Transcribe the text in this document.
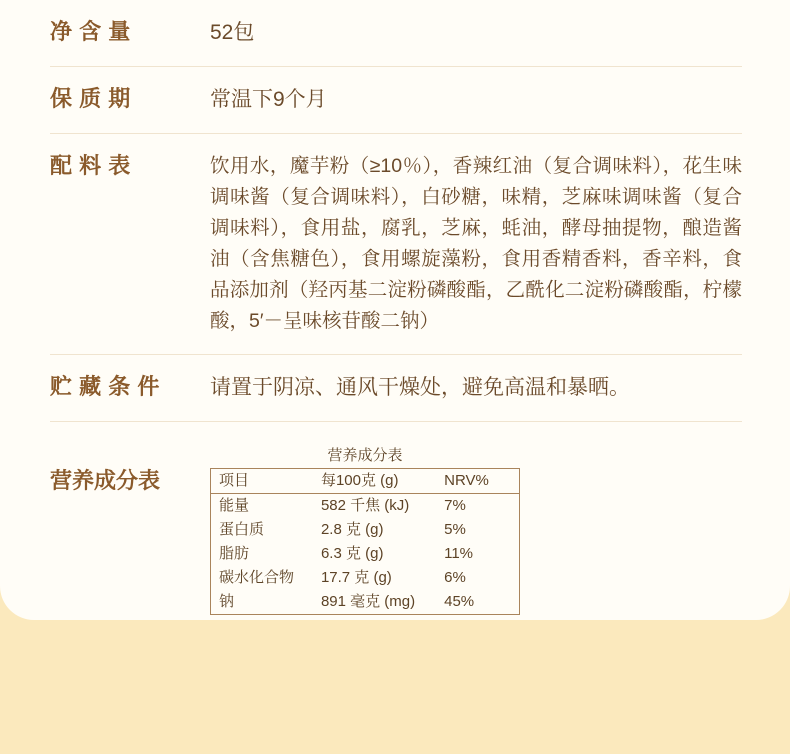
净 含 量	52包
保 质 期	常温下9个月
配 料 表	饮用水，魔芋粉（≥10％），香辣红油（复合调味料），花生味调味酱（复合调味料），白砂糖，味精，芝麻味调味酱（复合调味料），食用盐，腐乳，芝麻，蚝油，酵母抽提物，酿造酱油（含焦糖色），食用螺旋藻粉，食用香精香料，香辛料，食品添加剂（羟丙基二淀粉磷酸酯，乙酰化二淀粉磷酸酯，柠檬酸，5′－呈味核苷酸二钠）
贮 藏 条 件	请置于阴凉、通风干燥处，避免高温和暴晒。
营养成分表
营养成分表
项目	每100克 (g)	NRV%
能量	582 千焦 (kJ)	7%
蛋白质	2.8 克 (g)	5%
脂肪	6.3 克 (g)	11%
碳水化合物	17.7 克 (g)	6%
钠	891 毫克 (mg)	45%
